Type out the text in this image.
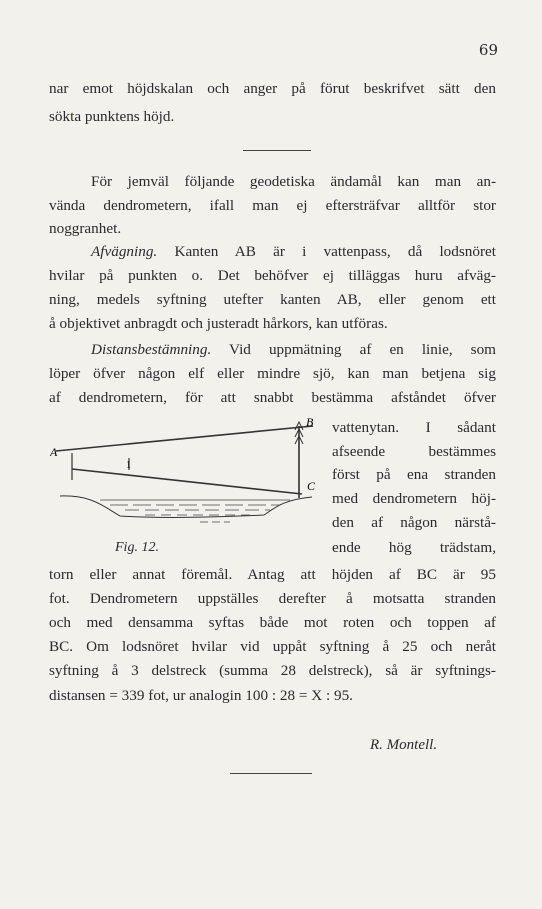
69
nar emot höjdskalan och anger på förut beskrifvet sätt den
sökta punktens höjd.
För jemväl följande geodetiska ändamål kan man an-
vända dendrometern, ifall man ej eftersträfvar alltför stor
noggranhet.
Afvägning. Kanten AB är i vattenpass, då lodsnöret
hvilar på punkten o. Det behöfver ej tilläggas huru afväg-
ning, medels syftning utefter kanten AB, eller genom ett
å objektivet anbragdt och justeradt hårkors, kan utföras.
Distansbestämning. Vid uppmätning af en linie, som
löper öfver någon elf eller mindre sjö, kan man betjena sig
af dendrometern, för att snabbt bestämma afståndet öfver
vattenytan. I sådant
afseende bestämmes
först på ena stranden
med dendrometern höj-
den af någon närstå-
ende hög trädstam,
A
B
C
1
Fig. 12.
torn eller annat föremål. Antag att höjden af BC är 95
fot. Dendrometern uppställes derefter å motsatta stranden
och med densamma syftas både mot roten och toppen af
BC. Om lodsnöret hvilar vid uppåt syftning å 25 och neråt
syftning å 3 delstreck (summa 28 delstreck), så är syftnings-
distansen = 339 fot, ur analogin 100 : 28 = X : 95.
R. Montell.
